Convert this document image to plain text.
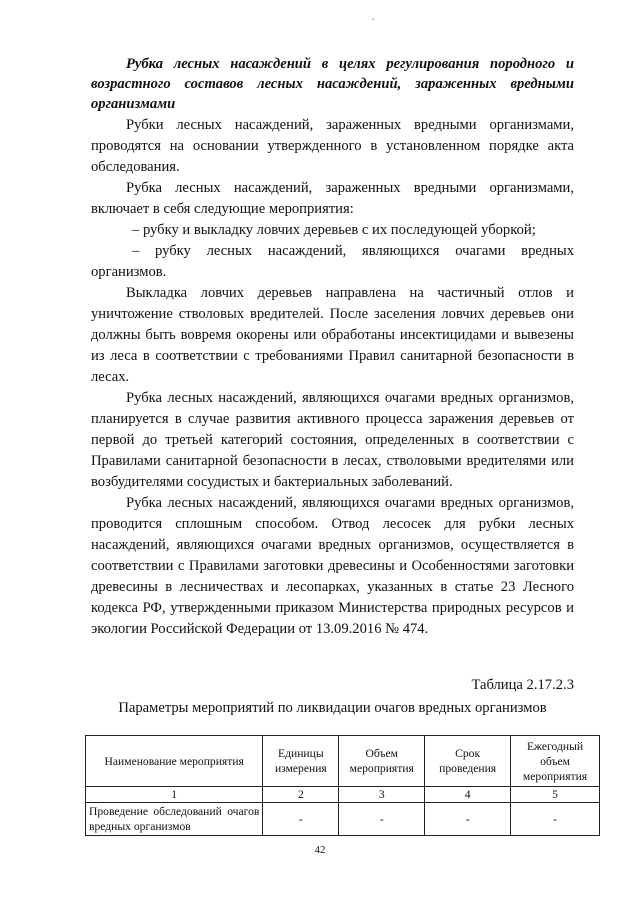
.

Рубка лесных насаждений в целях регулирования породного и возрастного составов лесных насаждений, зараженных вредными организмами

Рубки лесных насаждений, зараженных вредными организмами, проводятся на основании утвержденного в установленном порядке акта обследования.

Рубка лесных насаждений, зараженных вредными организмами, включает в себя следующие мероприятия:

– рубку и выкладку ловчих деревьев с их последующей уборкой;

– рубку лесных насаждений, являющихся очагами вредных организмов.

Выкладка ловчих деревьев направлена на частичный отлов и уничтожение стволовых вредителей. После заселения ловчих деревьев они должны быть вовремя окорены или обработаны инсектицидами и вывезены из леса в соответствии с требованиями Правил санитарной безопасности в лесах.

Рубка лесных насаждений, являющихся очагами вредных организмов, планируется в случае развития активного процесса заражения деревьев от первой до третьей категорий состояния, определенных в соответствии с Правилами санитарной безопасности в лесах, стволовыми вредителями или возбудителями сосудистых и бактериальных заболеваний.

Рубка лесных насаждений, являющихся очагами вредных организмов, проводится сплошным способом. Отвод лесосек для рубки лесных насаждений, являющихся очагами вредных организмов, осуществляется в соответствии с Правилами заготовки древесины и Особенностями заготовки древесины в лесничествах и лесопарках, указанных в статье 23 Лесного кодекса РФ, утвержденными приказом Министерства природных ресурсов и экологии Российской Федерации от 13.09.2016 № 474.

Таблица 2.17.2.3
Параметры мероприятий по ликвидации очагов вредных организмов
Наименование мероприятия	Единицы измерения	Объем мероприятия	Срок проведения	Ежегодный объем мероприятия
1	2	3	4	5
Проведение обследований очагов вредных организмов	-	-	-	-
42
